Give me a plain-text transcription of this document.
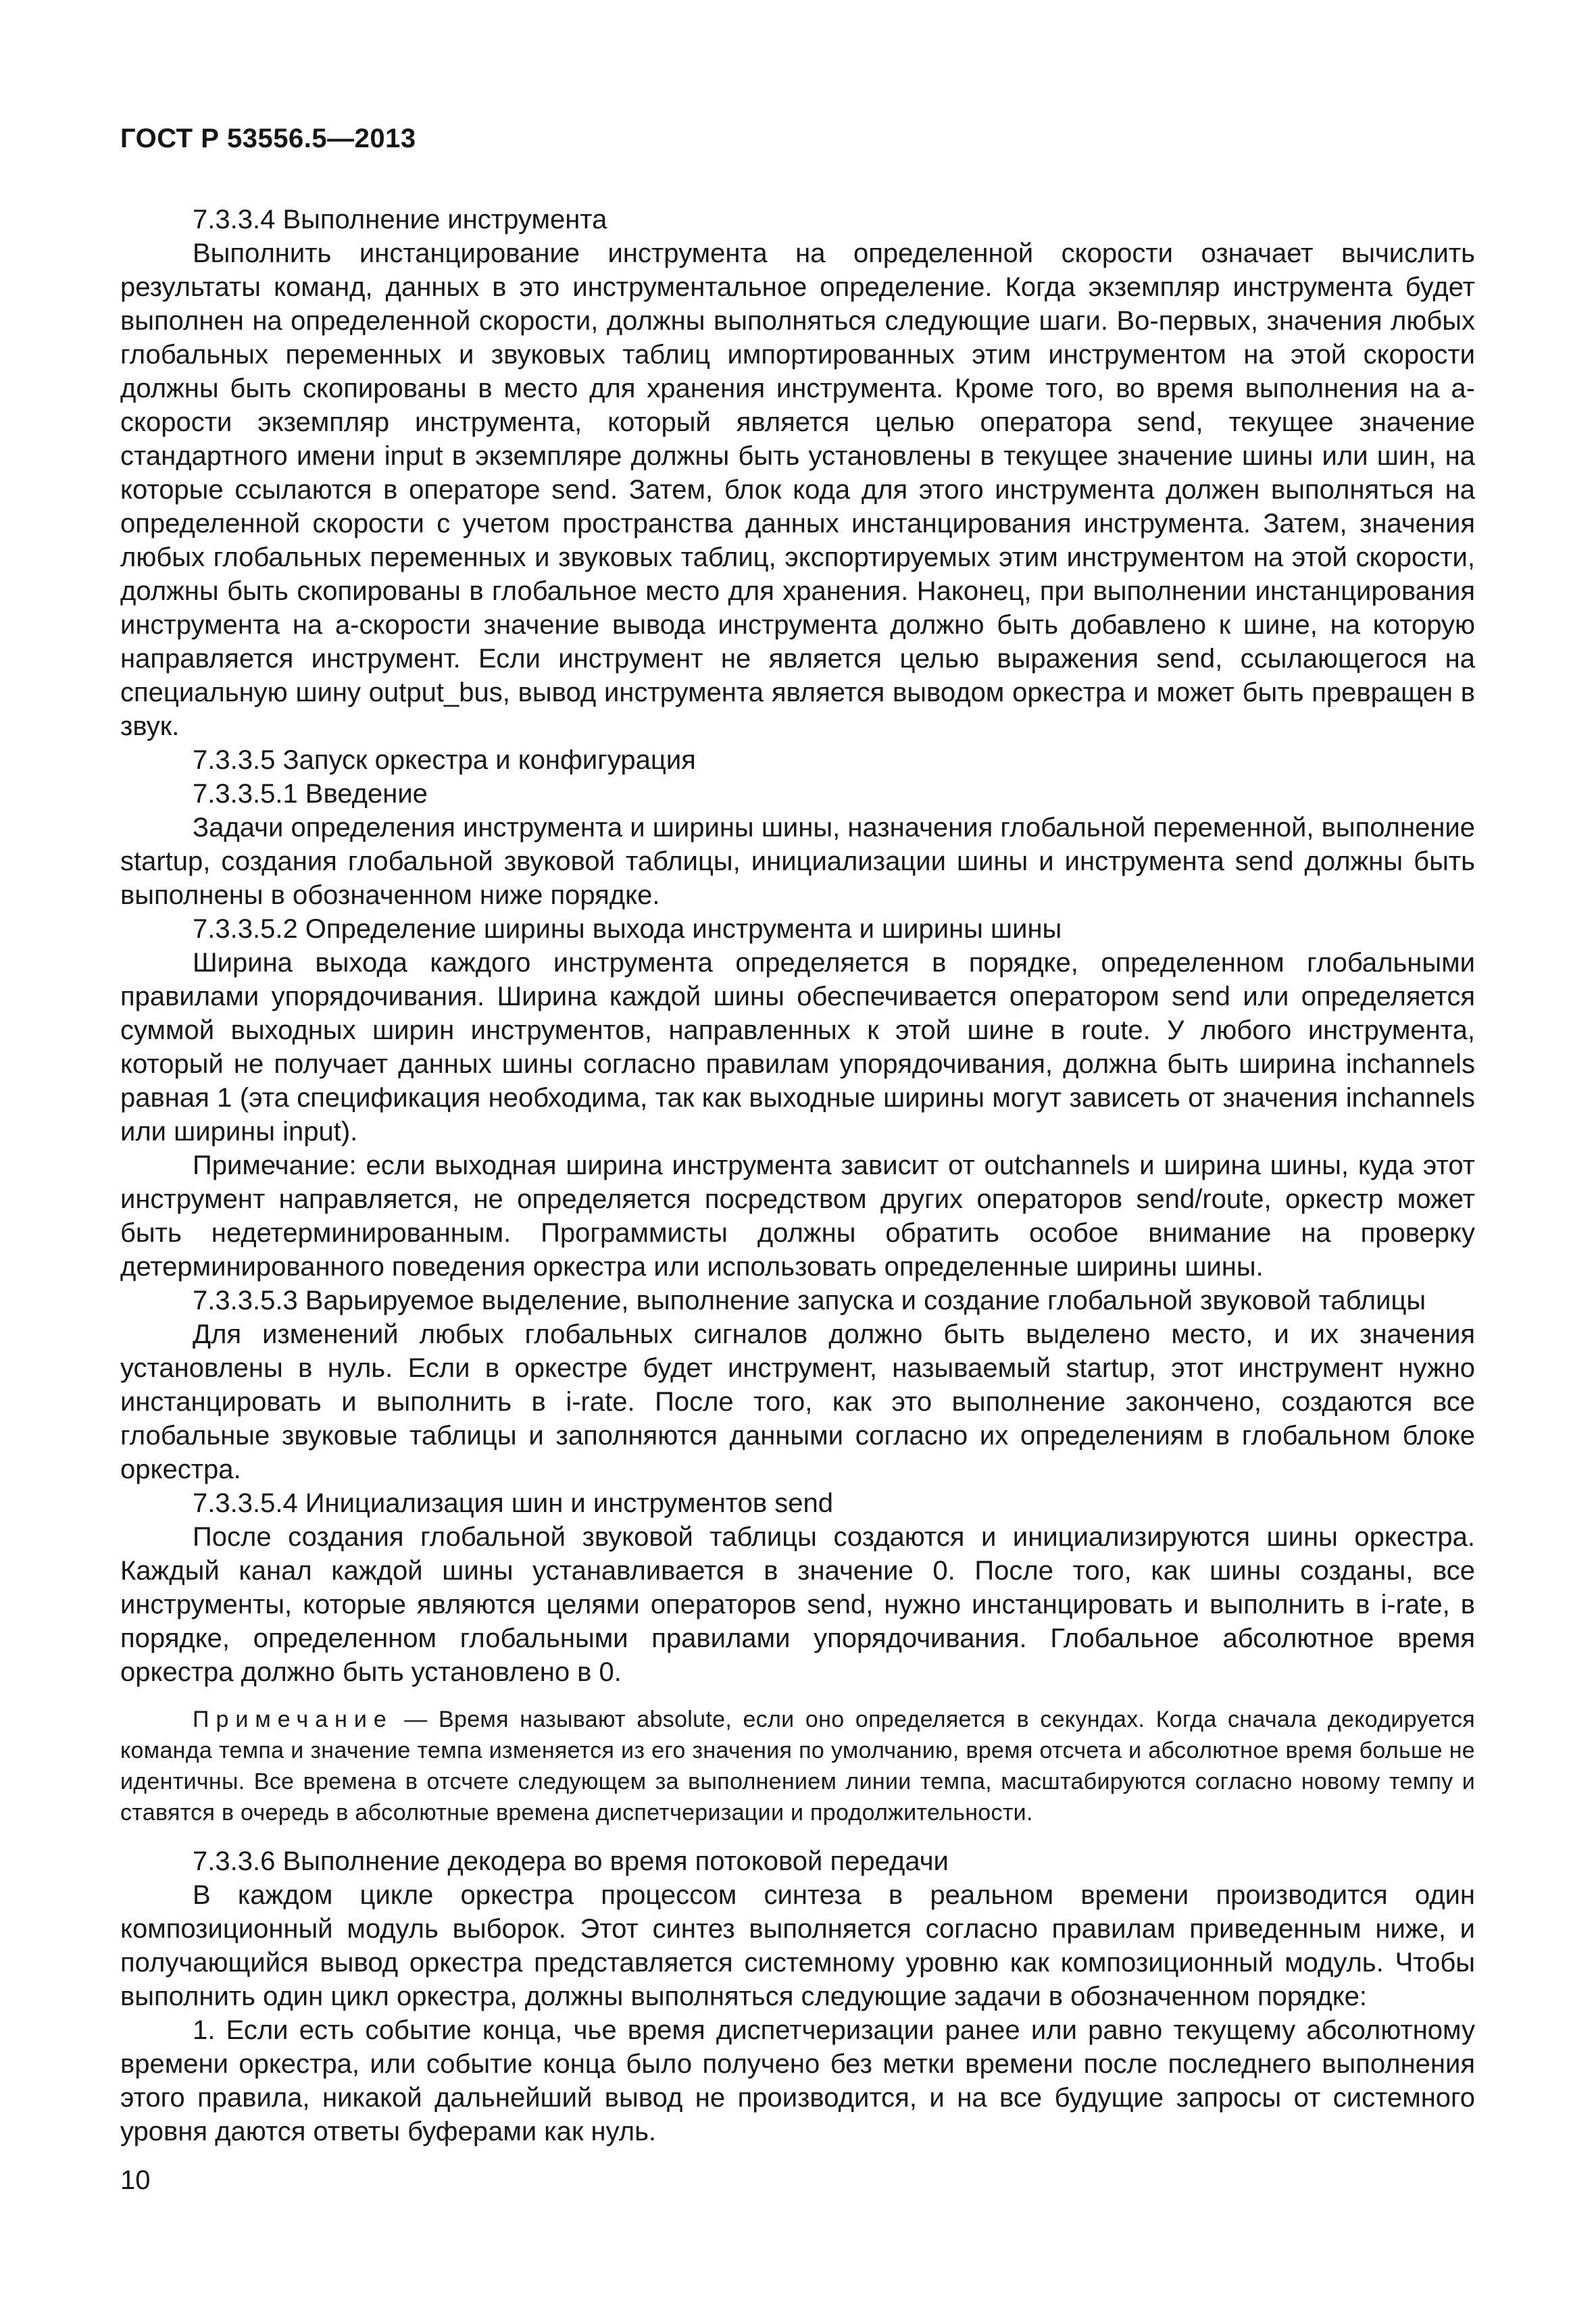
ГОСТ Р 53556.5—2013

7.3.3.4 Выполнение инструмента

Выполнить инстанцирование инструмента на определенной скорости означает вычислить результаты команд, данных в это инструментальное определение. Когда экземпляр инструмента будет выполнен на определенной скорости, должны выполняться следующие шаги. Во-первых, значения любых глобальных переменных и звуковых таблиц импортированных этим инструментом на этой скорости должны быть скопированы в место для хранения инструмента. Кроме того, во время выполнения на а-скорости экземпляр инструмента, который является целью оператора send, текущее значение стандартного имени input в экземпляре должны быть установлены в текущее значение шины или шин, на которые ссылаются в операторе send. Затем, блок кода для этого инструмента должен выполняться на определенной скорости с учетом пространства данных инстанцирования инструмента. Затем, значения любых глобальных переменных и звуковых таблиц, экспортируемых этим инструментом на этой скорости, должны быть скопированы в глобальное место для хранения. Наконец, при выполнении инстанцирования инструмента на а-скорости значение вывода инструмента должно быть добавлено к шине, на которую направляется инструмент. Если инструмент не является целью выражения send, ссылающегося на специальную шину output_bus, вывод инструмента является выводом оркестра и может быть превращен в звук.

7.3.3.5 Запуск оркестра и конфигурация

7.3.3.5.1 Введение

Задачи определения инструмента и ширины шины, назначения глобальной переменной, выполнение startup, создания глобальной звуковой таблицы, инициализации шины и инструмента send должны быть выполнены в обозначенном ниже порядке.

7.3.3.5.2 Определение ширины выхода инструмента и ширины шины

Ширина выхода каждого инструмента определяется в порядке, определенном глобальными правилами упорядочивания. Ширина каждой шины обеспечивается оператором send или определяется суммой выходных ширин инструментов, направленных к этой шине в route. У любого инструмента, который не получает данных шины согласно правилам упорядочивания, должна быть ширина inchannels равная 1 (эта спецификация необходима, так как выходные ширины могут зависеть от значения inchannels или ширины input).

Примечание: если выходная ширина инструмента зависит от outchannels и ширина шины, куда этот инструмент направляется, не определяется посредством других операторов send/route, оркестр может быть недетерминированным. Программисты должны обратить особое внимание на проверку детерминированного поведения оркестра или использовать определенные ширины шины.

7.3.3.5.3 Варьируемое выделение, выполнение запуска и создание глобальной звуковой таблицы

Для изменений любых глобальных сигналов должно быть выделено место, и их значения установлены в нуль. Если в оркестре будет инструмент, называемый startup, этот инструмент нужно инстанцировать и выполнить в i-rate. После того, как это выполнение закончено, создаются все глобальные звуковые таблицы и заполняются данными согласно их определениям в глобальном блоке оркестра.

7.3.3.5.4 Инициализация шин и инструментов send

После создания глобальной звуковой таблицы создаются и инициализируются шины оркестра. Каждый канал каждой шины устанавливается в значение 0. После того, как шины созданы, все инструменты, которые являются целями операторов send, нужно инстанцировать и выполнить в i-rate, в порядке, определенном глобальными правилами упорядочивания. Глобальное абсолютное время оркестра должно быть установлено в 0.

Примечание — Время называют absolute, если оно определяется в секундах. Когда сначала декодируется команда темпа и значение темпа изменяется из его значения по умолчанию, время отсчета и абсолютное время больше не идентичны. Все времена в отсчете следующем за выполнением линии темпа, масштабируются согласно новому темпу и ставятся в очередь в абсолютные времена диспетчеризации и продолжительности.

7.3.3.6 Выполнение декодера во время потоковой передачи

В каждом цикле оркестра процессом синтеза в реальном времени производится один композиционный модуль выборок. Этот синтез выполняется согласно правилам приведенным ниже, и получающийся вывод оркестра представляется системному уровню как композиционный модуль. Чтобы выполнить один цикл оркестра, должны выполняться следующие задачи в обозначенном порядке:

1. Если есть событие конца, чье время диспетчеризации ранее или равно текущему абсолютному времени оркестра, или событие конца было получено без метки времени после последнего выполнения этого правила, никакой дальнейший вывод не производится, и на все будущие запросы от системного уровня даются ответы буферами как нуль.

10
